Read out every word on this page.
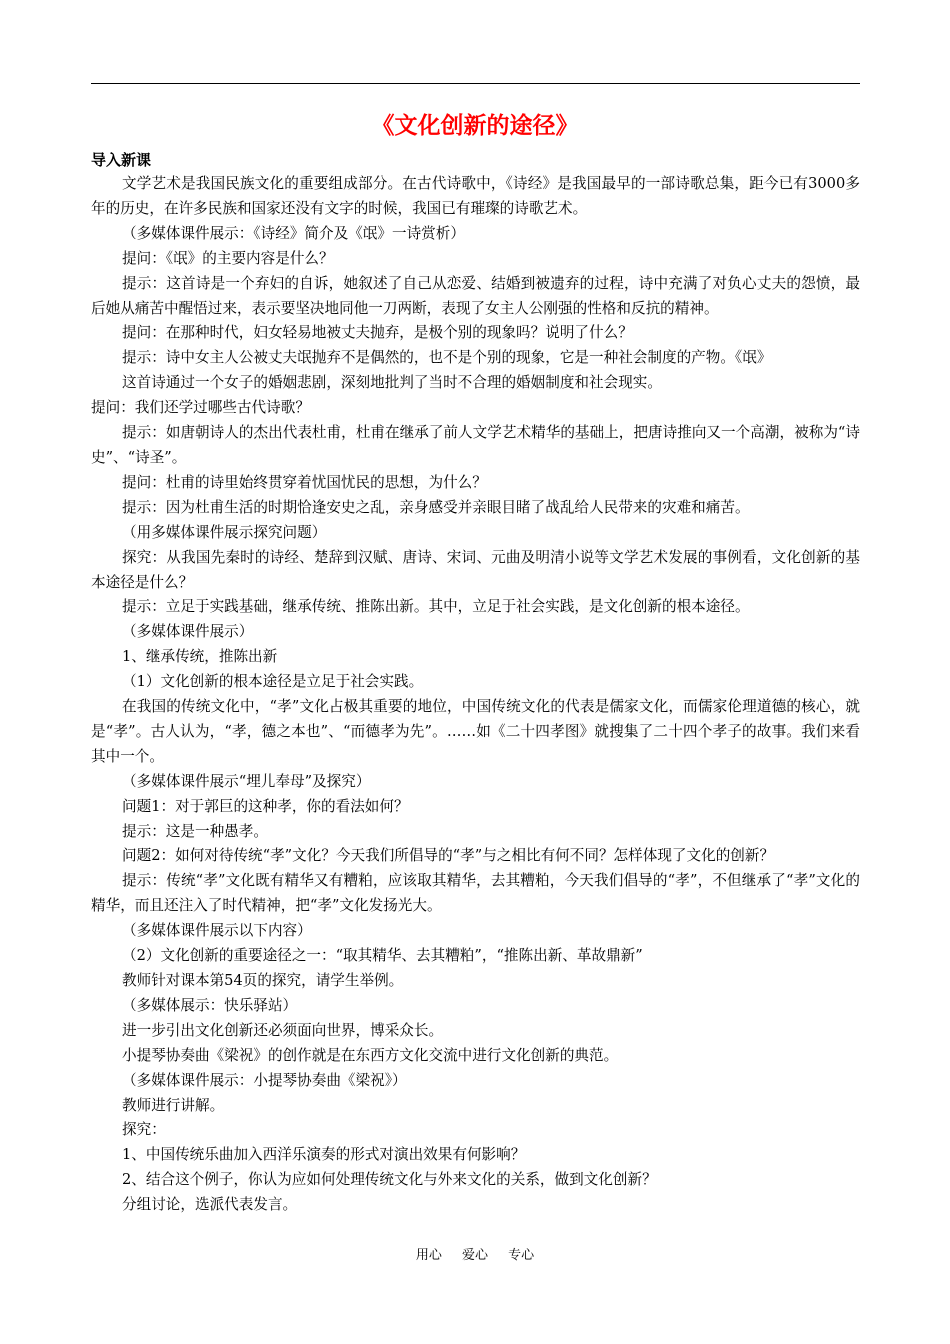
《文化创新的途径》
导入新课

文学艺术是我国民族文化的重要组成部分。在古代诗歌中，《诗经》是我国最早的一部诗歌总集，距今已有3000多年的历史，在许多民族和国家还没有文字的时候，我国已有璀璨的诗歌艺术。

（多媒体课件展示：《诗经》简介及《氓》一诗赏析）

提问：《氓》的主要内容是什么？

提示：这首诗是一个弃妇的自诉，她叙述了自己从恋爱、结婚到被遗弃的过程，诗中充满了对负心丈夫的怨愤，最后她从痛苦中醒悟过来，表示要坚决地同他一刀两断，表现了女主人公刚强的性格和反抗的精神。

提问：在那种时代，妇女轻易地被丈夫抛弃，是极个别的现象吗？说明了什么？

提示：诗中女主人公被丈夫氓抛弃不是偶然的，也不是个别的现象，它是一种社会制度的产物。《氓》

这首诗通过一个女子的婚姻悲剧，深刻地批判了当时不合理的婚姻制度和社会现实。

提问：我们还学过哪些古代诗歌？

提示：如唐朝诗人的杰出代表杜甫，杜甫在继承了前人文学艺术精华的基础上，把唐诗推向又一个高潮，被称为“诗史”、“诗圣”。

提问：杜甫的诗里始终贯穿着忧国忧民的思想，为什么？

提示：因为杜甫生活的时期恰逢安史之乱，亲身感受并亲眼目睹了战乱给人民带来的灾难和痛苦。

（用多媒体课件展示探究问题）

探究：从我国先秦时的诗经、楚辞到汉赋、唐诗、宋词、元曲及明清小说等文学艺术发展的事例看，文化创新的基本途径是什么？

提示：立足于实践基础，继承传统、推陈出新。其中，立足于社会实践，是文化创新的根本途径。

（多媒体课件展示）

1、继承传统，推陈出新

（1）文化创新的根本途径是立足于社会实践。

在我国的传统文化中，“孝”文化占极其重要的地位，中国传统文化的代表是儒家文化，而儒家伦理道德的核心，就是“孝”。古人认为，“孝，德之本也”、“而德孝为先”。……如《二十四孝图》就搜集了二十四个孝子的故事。我们来看其中一个。

（多媒体课件展示“埋儿奉母”及探究）

问题1：对于郭巨的这种孝，你的看法如何？

提示：这是一种愚孝。

问题2：如何对待传统“孝”文化？今天我们所倡导的“孝”与之相比有何不同？怎样体现了文化的创新？

提示：传统“孝”文化既有精华又有糟粕，应该取其精华，去其糟粕，今天我们倡导的“孝”，不但继承了“孝”文化的精华，而且还注入了时代精神，把“孝”文化发扬光大。

（多媒体课件展示以下内容）

（2）文化创新的重要途径之一：“取其精华、去其糟粕”，“推陈出新、革故鼎新”

教师针对课本第54页的探究，请学生举例。

（多媒体展示：快乐驿站）

进一步引出文化创新还必须面向世界，博采众长。

小提琴协奏曲《梁祝》的创作就是在东西方文化交流中进行文化创新的典范。

（多媒体课件展示：小提琴协奏曲《梁祝》）

教师进行讲解。

探究：

1、中国传统乐曲加入西洋乐演奏的形式对演出效果有何影响？

2、结合这个例子，你认为应如何处理传统文化与外来文化的关系，做到文化创新？

分组讨论，选派代表发言。

用心 爱心 专心
